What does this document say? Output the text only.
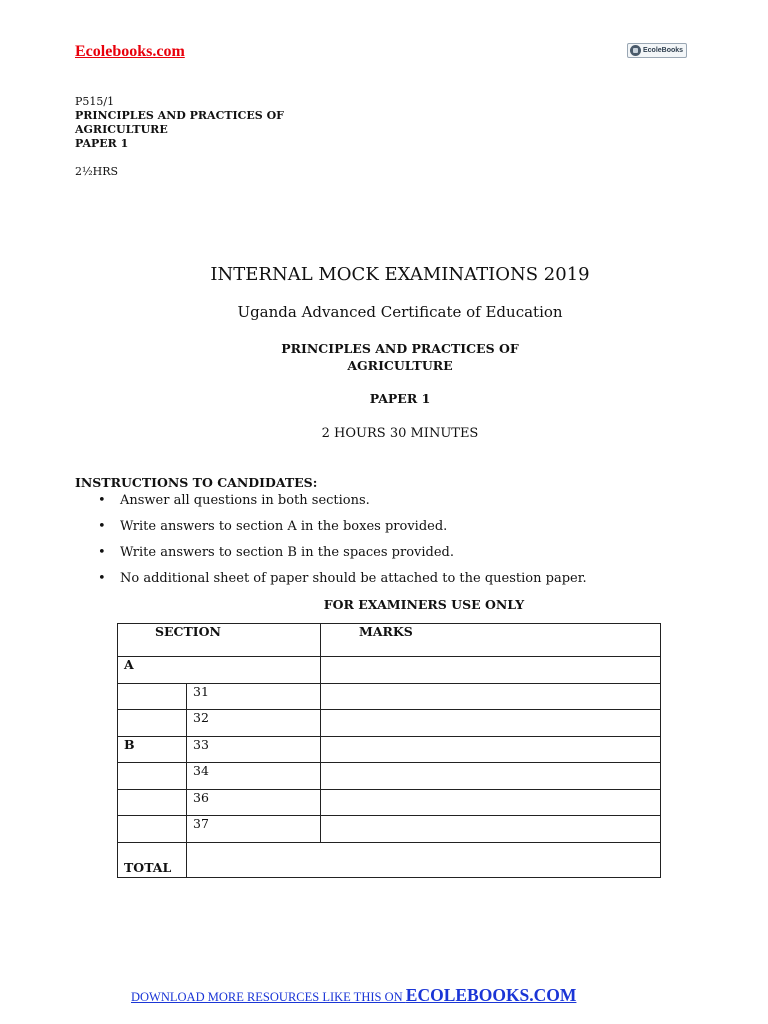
Ecolebooks.com	EcoleBooks
P515/1
PRINCIPLES AND PRACTICES OF
AGRICULTURE
PAPER 1
2½HRS
INTERNAL MOCK EXAMINATIONS 2019
Uganda Advanced Certificate of Education
PRINCIPLES AND PRACTICES OF
AGRICULTURE
PAPER 1
2 HOURS 30 MINUTES
INSTRUCTIONS TO CANDIDATES:
• Answer all questions in both sections.
• Write answers to section A in the boxes provided.
• Write answers to section B in the spaces provided.
• No additional sheet of paper should be attached to the question paper.
FOR EXAMINERS USE ONLY
SECTION		MARKS
A		
	31	
	32	
B	33	
	34	
	36	
	37	
TOTAL		
DOWNLOAD MORE RESOURCES LIKE THIS ON ECOLEBOOKS.COM
